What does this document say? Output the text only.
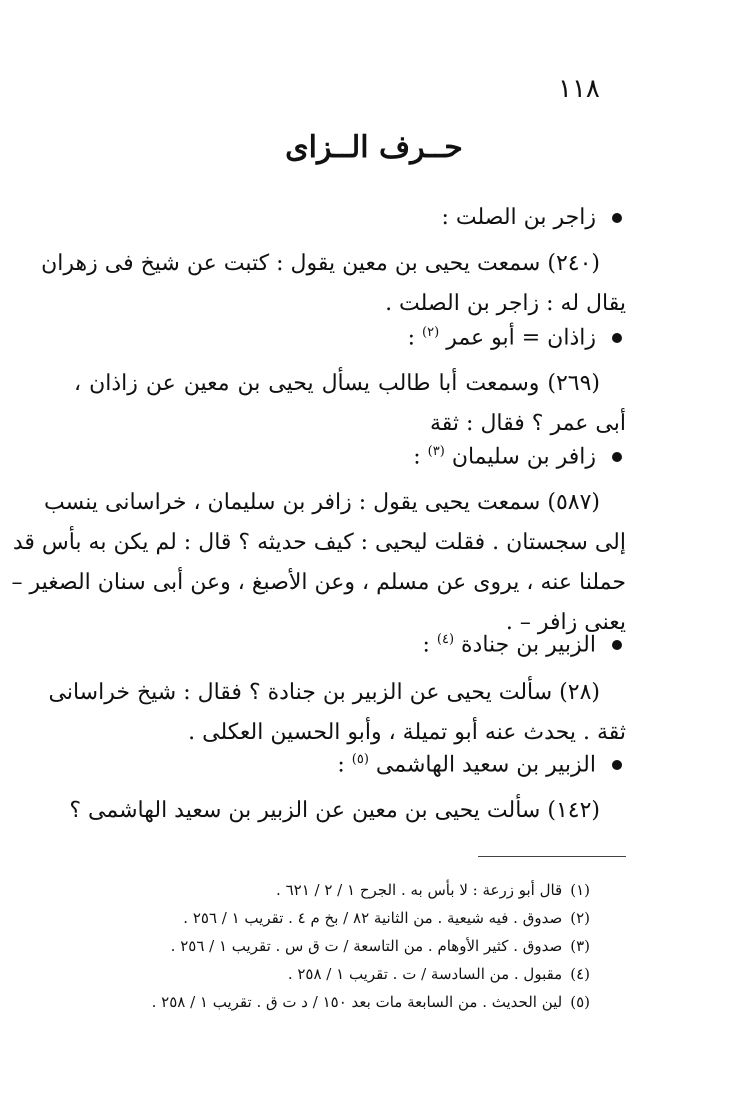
١١٨
حــرف الــزاى
زاجر بن الصلت :
(٢٤٠) سمعت يحيى بن معين يقول : كتبت عن شيخ فى زهران
يقال له : زاجر بن الصلت .
زاذان = أبو عمر $^{(٢)}$ :
(٢٦٩) وسمعت أبا طالب يسأل يحيى بن معين عن زاذان ،
أبى عمر ؟ فقال : ثقة
زافر بن سليمان $^{(٣)}$ :
(٥٨٧) سمعت يحيى يقول : زافر بن سليمان ، خراسانى ينسب
إلى سجستان . فقلت ليحيى : كيف حديثه ؟ قال : لم يكن به بأس قد
حملنا عنه ، يروى عن مسلم ، وعن الأصبغ ، وعن أبى سنان الصغير –
يعنى زافر – .
الزبير بن جنادة $^{(٤)}$ :
(٢٨) سألت يحيى عن الزبير بن جنادة ؟ فقال : شيخ خراسانى
ثقة . يحدث عنه أبو تميلة ، وأبو الحسين العكلى .
الزبير بن سعيد الهاشمى $^{(٥)}$ :
(١٤٢) سألت يحيى بن معين عن الزبير بن سعيد الهاشمى ؟
(١)قال أبو زرعة : لا بأس به . الجرح ١ / ٢ / ٦٢١ .
(٢)صدوق . فيه شيعية . من الثانية ٨٢ / بخ م ٤ . تقريب ١ / ٢٥٦ .
(٣)صدوق . كثير الأوهام . من التاسعة / ت ق س . تقريب ١ / ٢٥٦ .
(٤)مقبول . من السادسة / ت . تقريب ١ / ٢٥٨ .
(٥)لين الحديث . من السابعة مات بعد ١٥٠ / د ت ق . تقريب ١ / ٢٥٨ .
